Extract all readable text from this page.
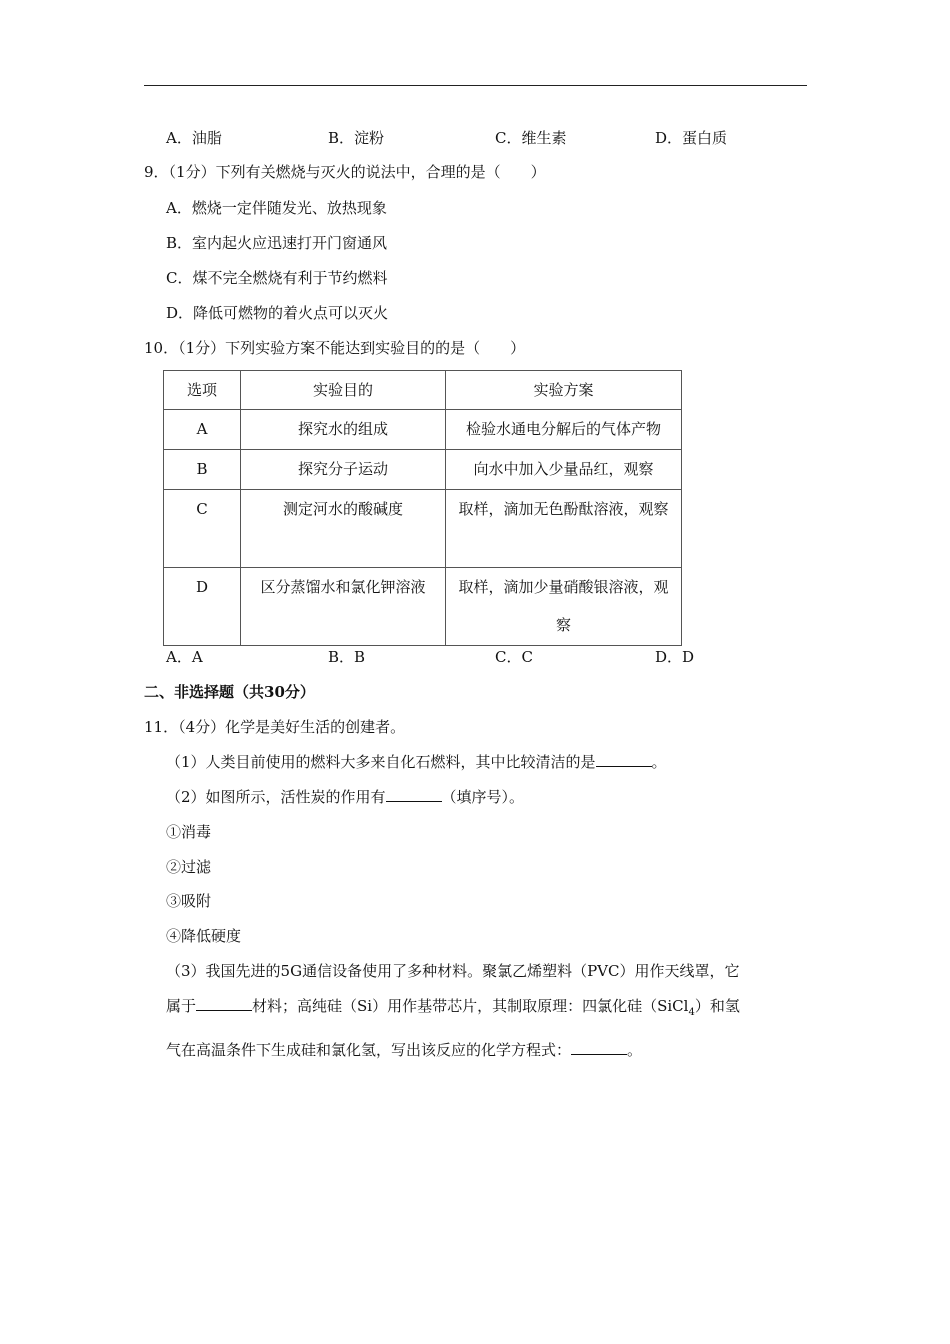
A．油脂	B．淀粉	C．维生素	D．蛋白质
9．（1分）下列有关燃烧与灭火的说法中，合理的是（　　）
A．燃烧一定伴随发光、放热现象
B．室内起火应迅速打开门窗通风
C．煤不完全燃烧有利于节约燃料
D．降低可燃物的着火点可以灭火
10．（1分）下列实验方案不能达到实验目的的是（　　）
选项	实验目的	实验方案
A	探究水的组成	检验水通电分解后的气体产物
B	探究分子运动	向水中加入少量品红，观察
C	测定河水的酸碱度	取样，滴加无色酚酞溶液，观察

D	区分蒸馏水和氯化钾溶液	取样，滴加少量硝酸银溶液，观察
A．A	B．B	C．C	D．D
二、非选择题（共30分）
11．（4分）化学是美好生活的创建者。
（1）人类目前使用的燃料大多来自化石燃料，其中比较清洁的是	。
（2）如图所示，活性炭的作用有	（填序号）。
①消毒
②过滤
③吸附
④降低硬度
（3）我国先进的5G通信设备使用了多种材料。聚氯乙烯塑料（PVC）用作天线罩，它
属于	材料；高纯硅（Si）用作基带芯片，其制取原理：四氯化硅（SiCl$_4$）和氢
气在高温条件下生成硅和氯化氢，写出该反应的化学方程式：	。
